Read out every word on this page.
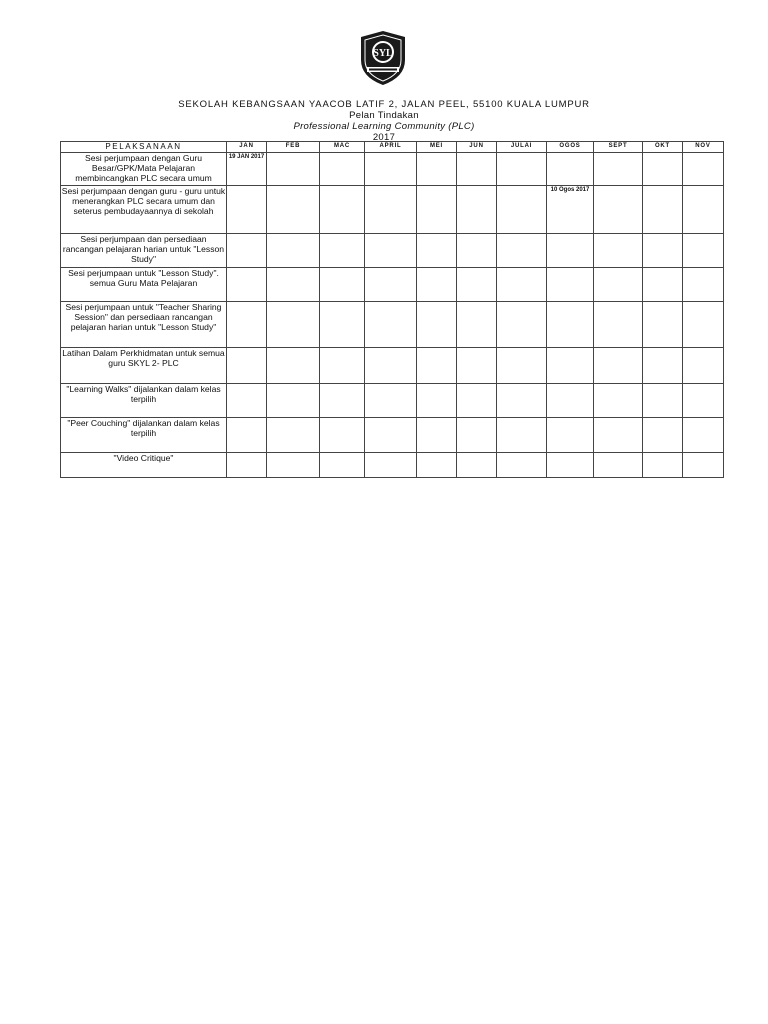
SYL
SEKOLAH KEBANGSAAN YAACOB LATIF 2, JALAN PEEL, 55100 KUALA LUMPUR
Pelan Tindakan
Professional Learning Community (PLC)
2017
PELAKSANAAN	JAN	FEB	MAC	APRIL	MEI	JUN	JULAI	OGOS	SEPT	OKT	NOV
Sesi perjumpaan dengan Guru Besar/GPK/Mata Pelajaran membincangkan PLC secara umum	19 JAN 2017										
Sesi perjumpaan dengan guru - guru untuk menerangkan PLC secara umum dan seterus pembudayaannya di sekolah								10 Ogos 2017			
Sesi perjumpaan dan persediaan rancangan pelajaran harian untuk "Lesson Study"											
Sesi perjumpaan untuk "Lesson Study". semua Guru Mata Pelajaran											
Sesi perjumpaan untuk "Teacher Sharing Session" dan persediaan rancangan pelajaran harian untuk "Lesson Study"											
Latihan Dalam Perkhidmatan untuk semua guru SKYL 2- PLC											
"Learning Walks" dijalankan dalam kelas terpilih											
"Peer Couching" dijalankan dalam kelas terpilih											
"Video Critique"											
